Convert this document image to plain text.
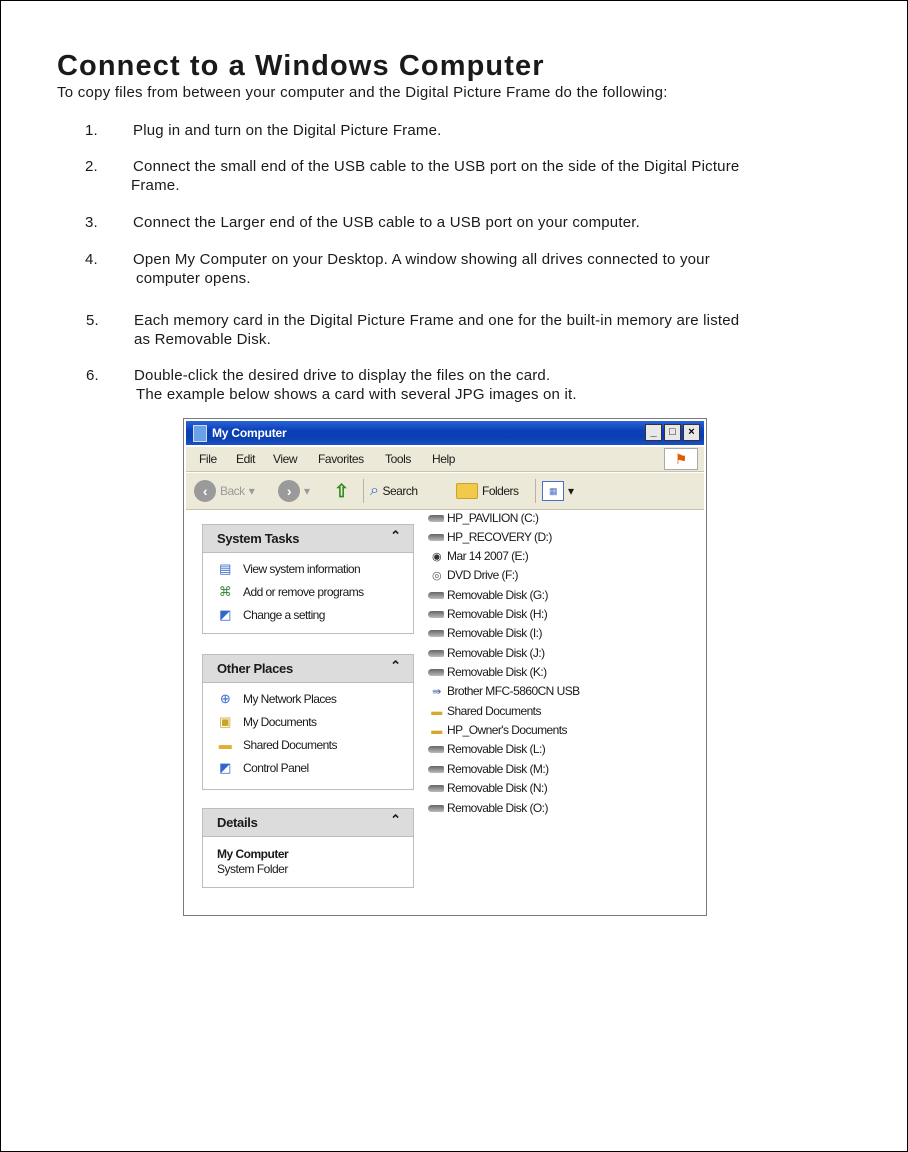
Connect to a Windows Computer
To copy files from between your computer and the Digital Picture Frame do the following:
1. Plug in and turn on the Digital Picture Frame.
2. Connect the small end of the USB cable to the USB port on the side of the Digital Picture
Frame.
3. Connect the Larger end of the USB cable to a USB port on your computer.
4. Open My Computer on your Desktop. A window showing all drives connected to your
computer opens.
5. Each memory card in the Digital Picture Frame and one for the built-in memory are listed
as Removable Disk.
6. Double-click the desired drive to display the files on the card.
The example below shows a card with several JPG images on it.
My Computer	_	□	×
File Edit View Favorites Tools Help	⚑
‹	Back ▾	›	▾ ⇧ ⌕ Search	Folders	▦ ▾
System Tasks	⌃
▤ View system information
⌘ Add or remove programs
◩ Change a setting
Other Places	⌃
⊕ My Network Places
▣ My Documents
▬ Shared Documents
◩ Control Panel
Details	⌃
My Computer
System Folder
HP_PAVILION (C:)
HP_RECOVERY (D:)
◉ Mar 14 2007 (E:)
◎ DVD Drive (F:)
Removable Disk (G:)
Removable Disk (H:)
Removable Disk (I:)
Removable Disk (J:)
Removable Disk (K:)
⇛ Brother MFC-5860CN USB
▬ Shared Documents
▬ HP_Owner's Documents
Removable Disk (L:)
Removable Disk (M:)
Removable Disk (N:)
Removable Disk (O:)
